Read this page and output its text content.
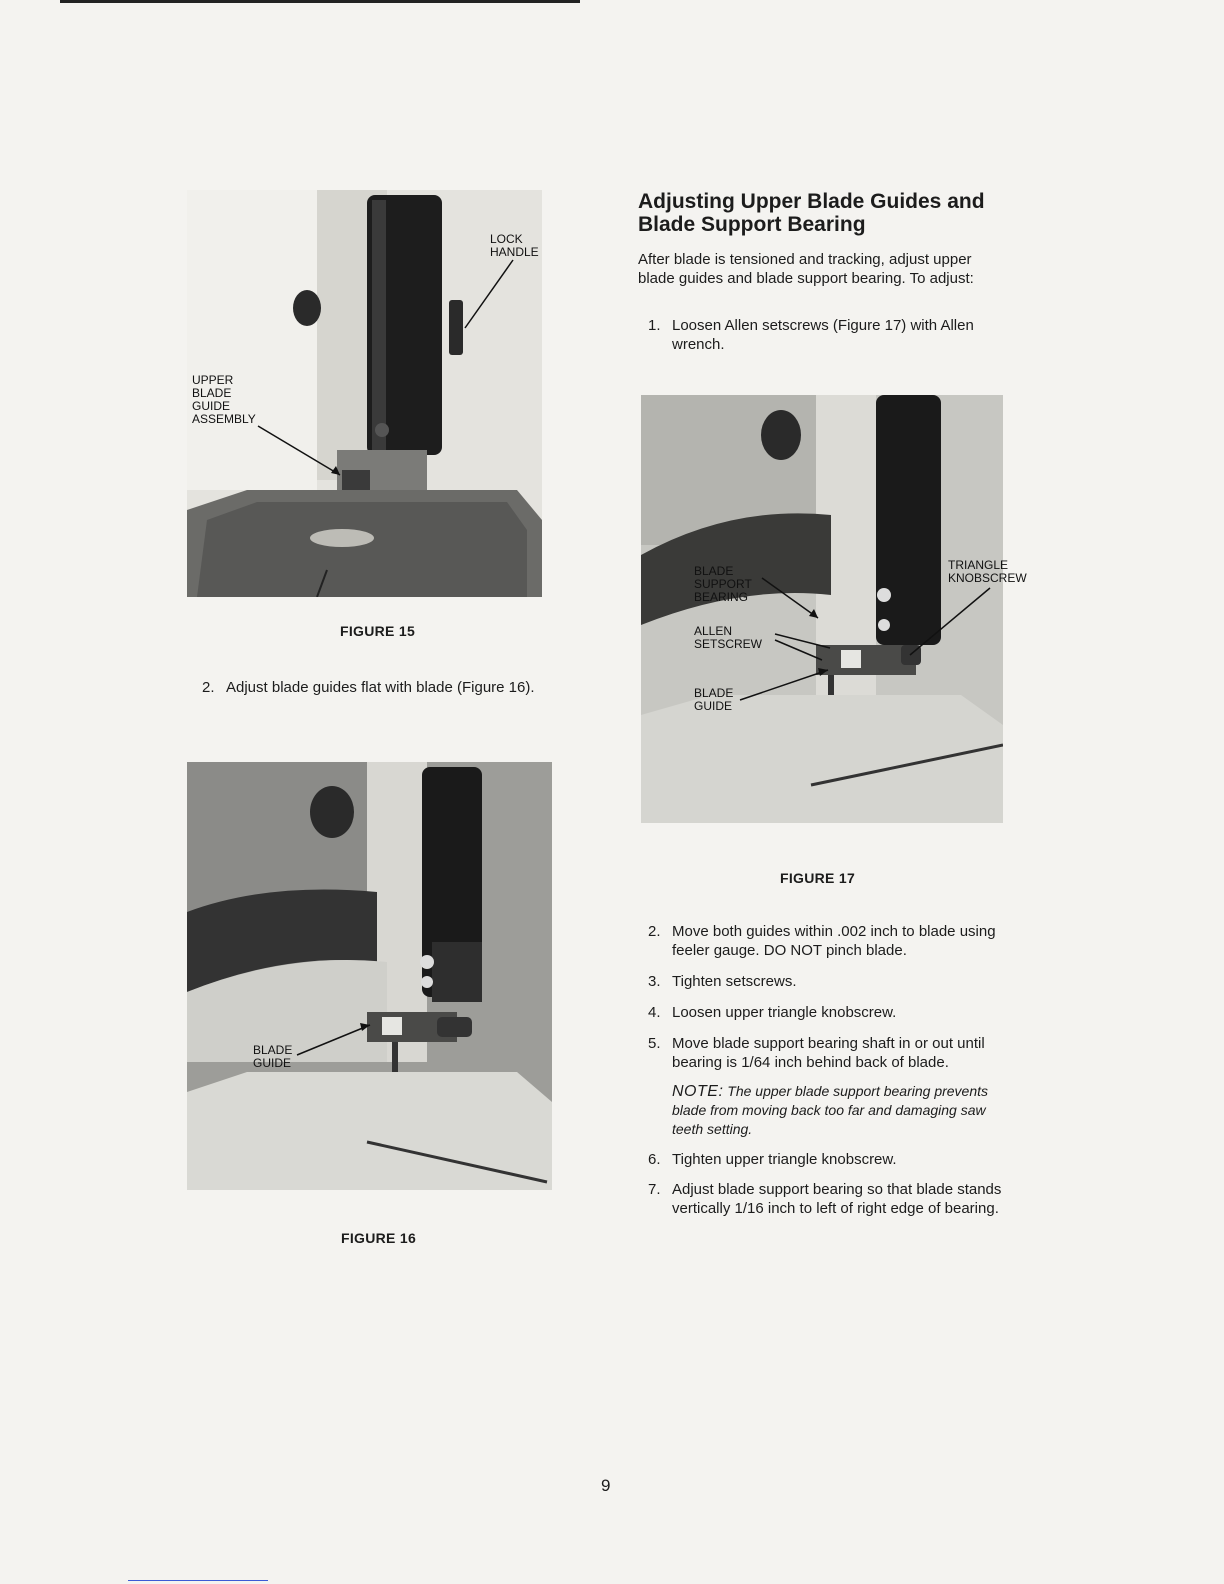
LOCK
HANDLE
UPPER
BLADE
GUIDE
ASSEMBLY
BLADE
GUIDE
BLADE
SUPPORT
BEARING
TRIANGLE
KNOBSCREW
ALLEN
SETSCREW
BLADE
GUIDE
FIGURE 15
FIGURE 16
FIGURE 17
2. Adjust blade guides flat with blade (Figure 16).
Adjusting Upper Blade Guides and Blade Support Bearing

After blade is tensioned and tracking, adjust upper blade guides and blade support bearing. To adjust:

1. Loosen Allen setscrews (Figure 17) with Allen wrench.
2. Move both guides within .002 inch to blade using feeler gauge. DO NOT pinch blade.
3. Tighten setscrews.
4. Loosen upper triangle knobscrew.
5. Move blade support bearing shaft in or out until bearing is 1/64 inch behind back of blade.
NOTE: The upper blade support bearing prevents blade from moving back too far and damaging saw teeth setting.
6. Tighten upper triangle knobscrew.
7. Adjust blade support bearing so that blade stands vertically 1/16 inch to left of right edge of bearing.
9
